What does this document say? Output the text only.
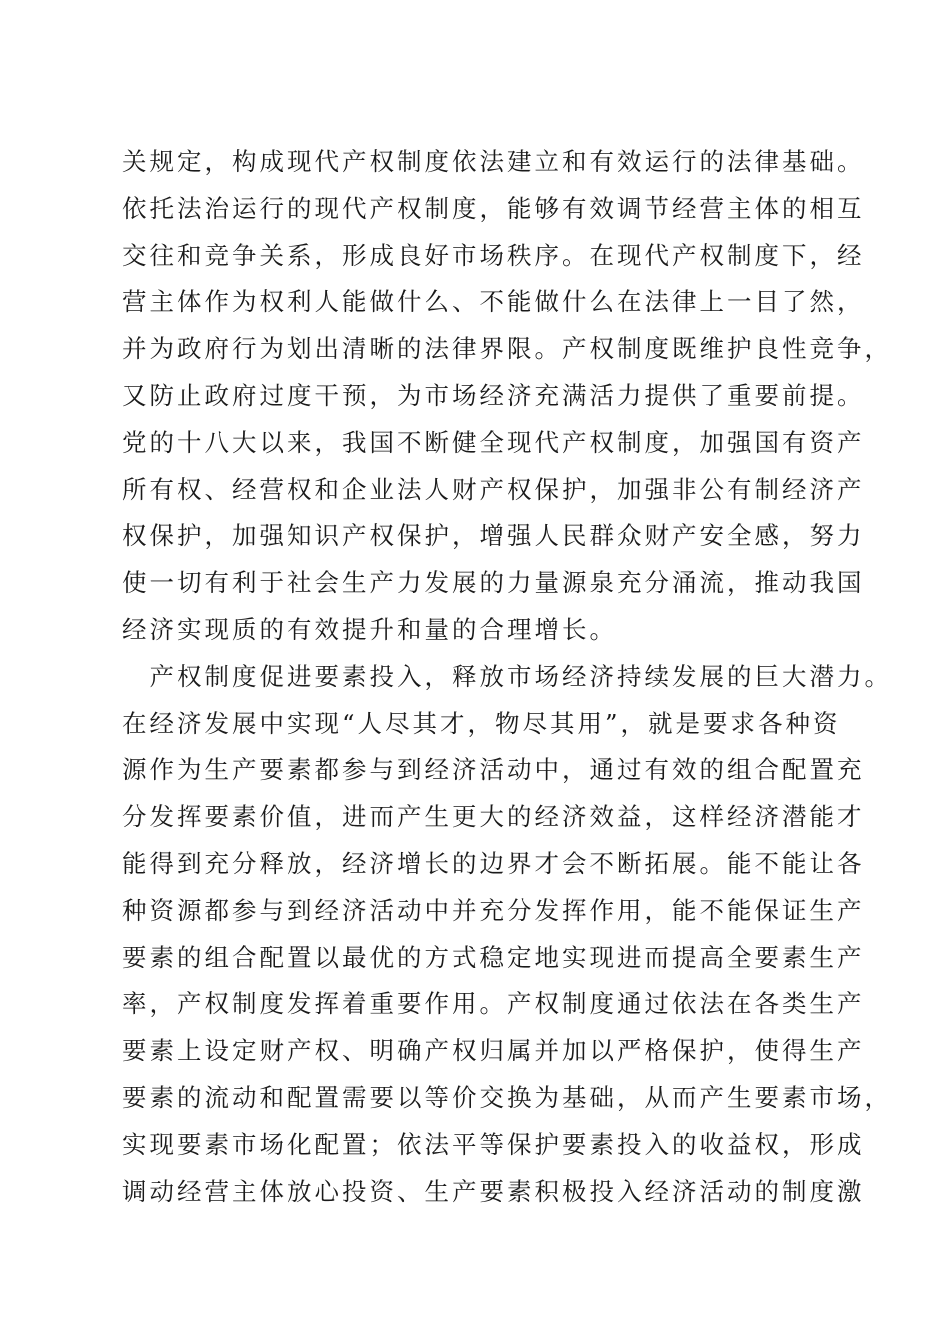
关规定，构成现代产权制度依法建立和有效运行的法律基础。
依托法治运行的现代产权制度，能够有效调节经营主体的相互
交往和竞争关系，形成良好市场秩序。在现代产权制度下，经
营主体作为权利人能做什么、不能做什么在法律上一目了然，
并为政府行为划出清晰的法律界限。产权制度既维护良性竞争，
又防止政府过度干预，为市场经济充满活力提供了重要前提。
党的十八大以来，我国不断健全现代产权制度，加强国有资产
所有权、经营权和企业法人财产权保护，加强非公有制经济产
权保护，加强知识产权保护，增强人民群众财产安全感，努力
使一切有利于社会生产力发展的力量源泉充分涌流，推动我国
经济实现质的有效提升和量的合理增长。
　产权制度促进要素投入，释放市场经济持续发展的巨大潜力。
在经济发展中实现“人尽其才，物尽其用”，就是要求各种资
源作为生产要素都参与到经济活动中，通过有效的组合配置充
分发挥要素价值，进而产生更大的经济效益，这样经济潜能才
能得到充分释放，经济增长的边界才会不断拓展。能不能让各
种资源都参与到经济活动中并充分发挥作用，能不能保证生产
要素的组合配置以最优的方式稳定地实现进而提高全要素生产
率，产权制度发挥着重要作用。产权制度通过依法在各类生产
要素上设定财产权、明确产权归属并加以严格保护，使得生产
要素的流动和配置需要以等价交换为基础，从而产生要素市场，
实现要素市场化配置；依法平等保护要素投入的收益权，形成
调动经营主体放心投资、生产要素积极投入经济活动的制度激
